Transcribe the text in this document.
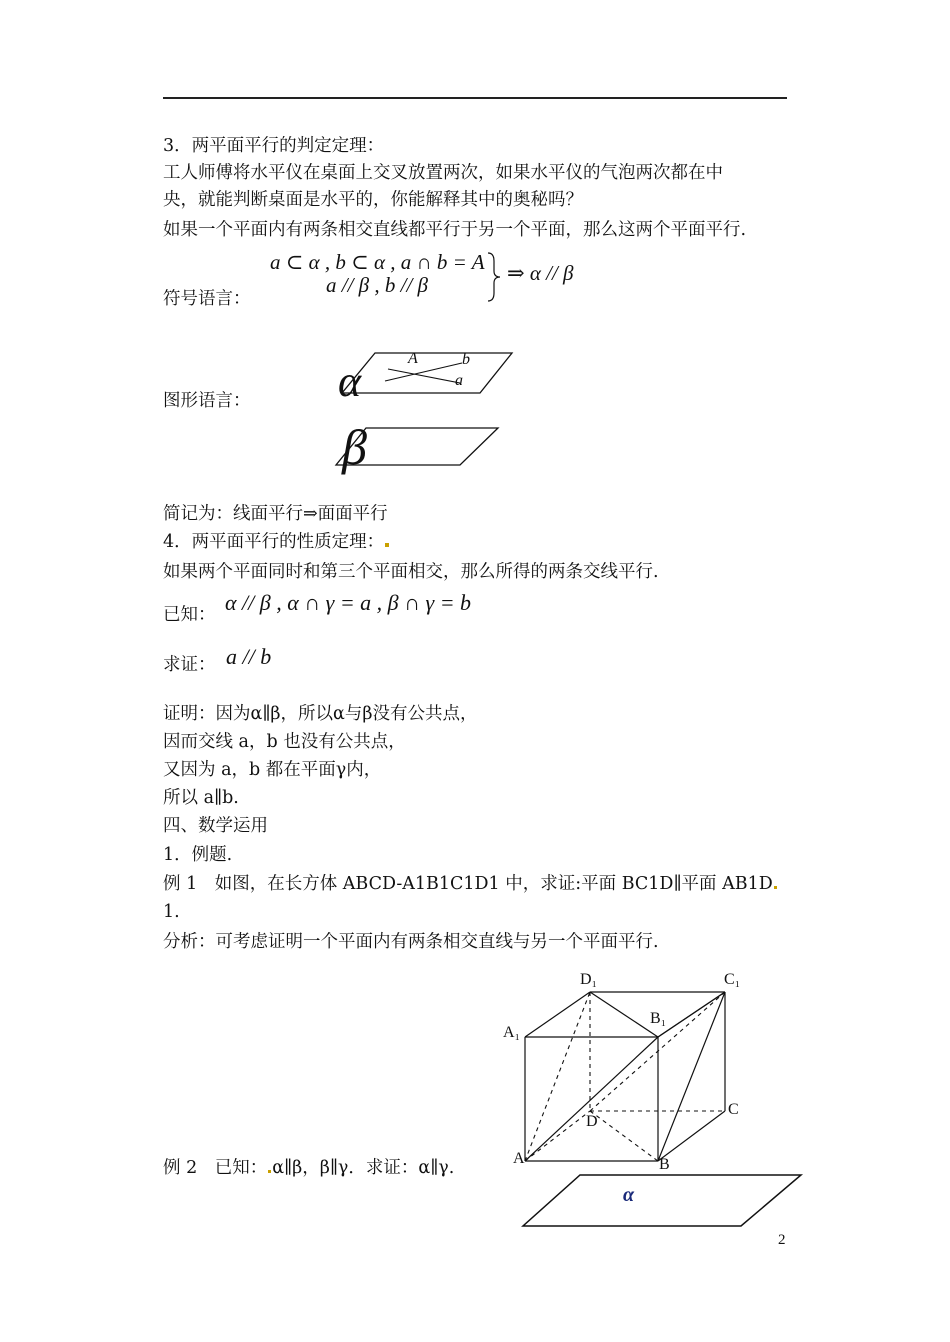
3．两平面平行的判定定理：
工人师傅将水平仪在桌面上交叉放置两次，如果水平仪的气泡两次都在中
央，就能判断桌面是水平的，你能解释其中的奥秘吗？
如果一个平面内有两条相交直线都平行于另一个平面，那么这两个平面平行.
a ⊂ α , b ⊂ α , a ∩ b = A
a // β , b // β	⇒ α // β
符号语言：
α	A	b
a
β
图形语言：
简记为：线面平行⇒面面平行
4．两平面平行的性质定理：
如果两个平面同时和第三个平面相交，那么所得的两条交线平行.
已知： α // β , α ∩ γ = a , β ∩ γ = b
求证： a // b
证明：因为α∥β，所以α与β没有公共点，
因而交线 a，b 也没有公共点，
又因为 a，b 都在平面γ内，
所以 a∥b.
四、数学运用
1．例题.
例 1　如图，在长方体 ABCD-A1B1C1D1 中，求证:平面 BC1D∥平面 AB1D
1.
分析：可考虑证明一个平面内有两条相交直线与另一个平面平行.
D₁	C₁
B₁
A₁
C
D
A	B
例 2　已知： α∥β，β∥γ．求证：α∥γ.
α
2
